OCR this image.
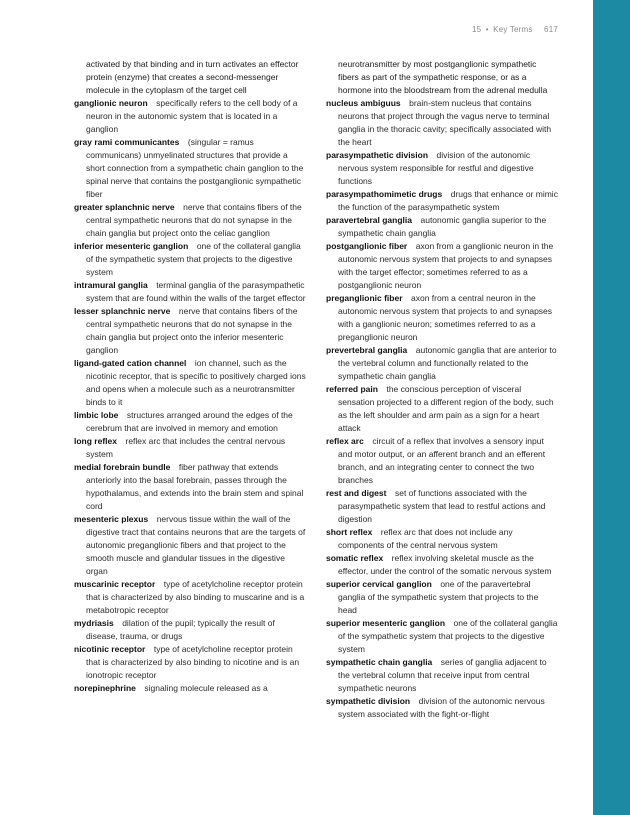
15 • Key Terms 617

activated by that binding and in turn activates an effector protein (enzyme) that creates a second-messenger molecule in the cytoplasm of the target cell

ganglionic neuron  specifically refers to the cell body of a neuron in the autonomic system that is located in a ganglion

gray rami communicantes  (singular = ramus communicans) unmyelinated structures that provide a short connection from a sympathetic chain ganglion to the spinal nerve that contains the postganglionic sympathetic fiber

greater splanchnic nerve  nerve that contains fibers of the central sympathetic neurons that do not synapse in the chain ganglia but project onto the celiac ganglion

inferior mesenteric ganglion  one of the collateral ganglia of the sympathetic system that projects to the digestive system

intramural ganglia  terminal ganglia of the parasympathetic system that are found within the walls of the target effector

lesser splanchnic nerve  nerve that contains fibers of the central sympathetic neurons that do not synapse in the chain ganglia but project onto the inferior mesenteric ganglion

ligand-gated cation channel  ion channel, such as the nicotinic receptor, that is specific to positively charged ions and opens when a molecule such as a neurotransmitter binds to it

limbic lobe  structures arranged around the edges of the cerebrum that are involved in memory and emotion

long reflex  reflex arc that includes the central nervous system

medial forebrain bundle  fiber pathway that extends anteriorly into the basal forebrain, passes through the hypothalamus, and extends into the brain stem and spinal cord

mesenteric plexus  nervous tissue within the wall of the digestive tract that contains neurons that are the targets of autonomic preganglionic fibers and that project to the smooth muscle and glandular tissues in the digestive organ

muscarinic receptor  type of acetylcholine receptor protein that is characterized by also binding to muscarine and is a metabotropic receptor

mydriasis  dilation of the pupil; typically the result of disease, trauma, or drugs

nicotinic receptor  type of acetylcholine receptor protein that is characterized by also binding to nicotine and is an ionotropic receptor

norepinephrine  signaling molecule released as a

neurotransmitter by most postganglionic sympathetic fibers as part of the sympathetic response, or as a hormone into the bloodstream from the adrenal medulla

nucleus ambiguus  brain-stem nucleus that contains neurons that project through the vagus nerve to terminal ganglia in the thoracic cavity; specifically associated with the heart

parasympathetic division  division of the autonomic nervous system responsible for restful and digestive functions

parasympathomimetic drugs  drugs that enhance or mimic the function of the parasympathetic system

paravertebral ganglia  autonomic ganglia superior to the sympathetic chain ganglia

postganglionic fiber  axon from a ganglionic neuron in the autonomic nervous system that projects to and synapses with the target effector; sometimes referred to as a postganglionic neuron

preganglionic fiber  axon from a central neuron in the autonomic nervous system that projects to and synapses with a ganglionic neuron; sometimes referred to as a preganglionic neuron

prevertebral ganglia  autonomic ganglia that are anterior to the vertebral column and functionally related to the sympathetic chain ganglia

referred pain  the conscious perception of visceral sensation projected to a different region of the body, such as the left shoulder and arm pain as a sign for a heart attack

reflex arc  circuit of a reflex that involves a sensory input and motor output, or an afferent branch and an efferent branch, and an integrating center to connect the two branches

rest and digest  set of functions associated with the parasympathetic system that lead to restful actions and digestion

short reflex  reflex arc that does not include any components of the central nervous system

somatic reflex  reflex involving skeletal muscle as the effector, under the control of the somatic nervous system

superior cervical ganglion  one of the paravertebral ganglia of the sympathetic system that projects to the head

superior mesenteric ganglion  one of the collateral ganglia of the sympathetic system that projects to the digestive system

sympathetic chain ganglia  series of ganglia adjacent to the vertebral column that receive input from central sympathetic neurons

sympathetic division  division of the autonomic nervous system associated with the fight-or-flight
